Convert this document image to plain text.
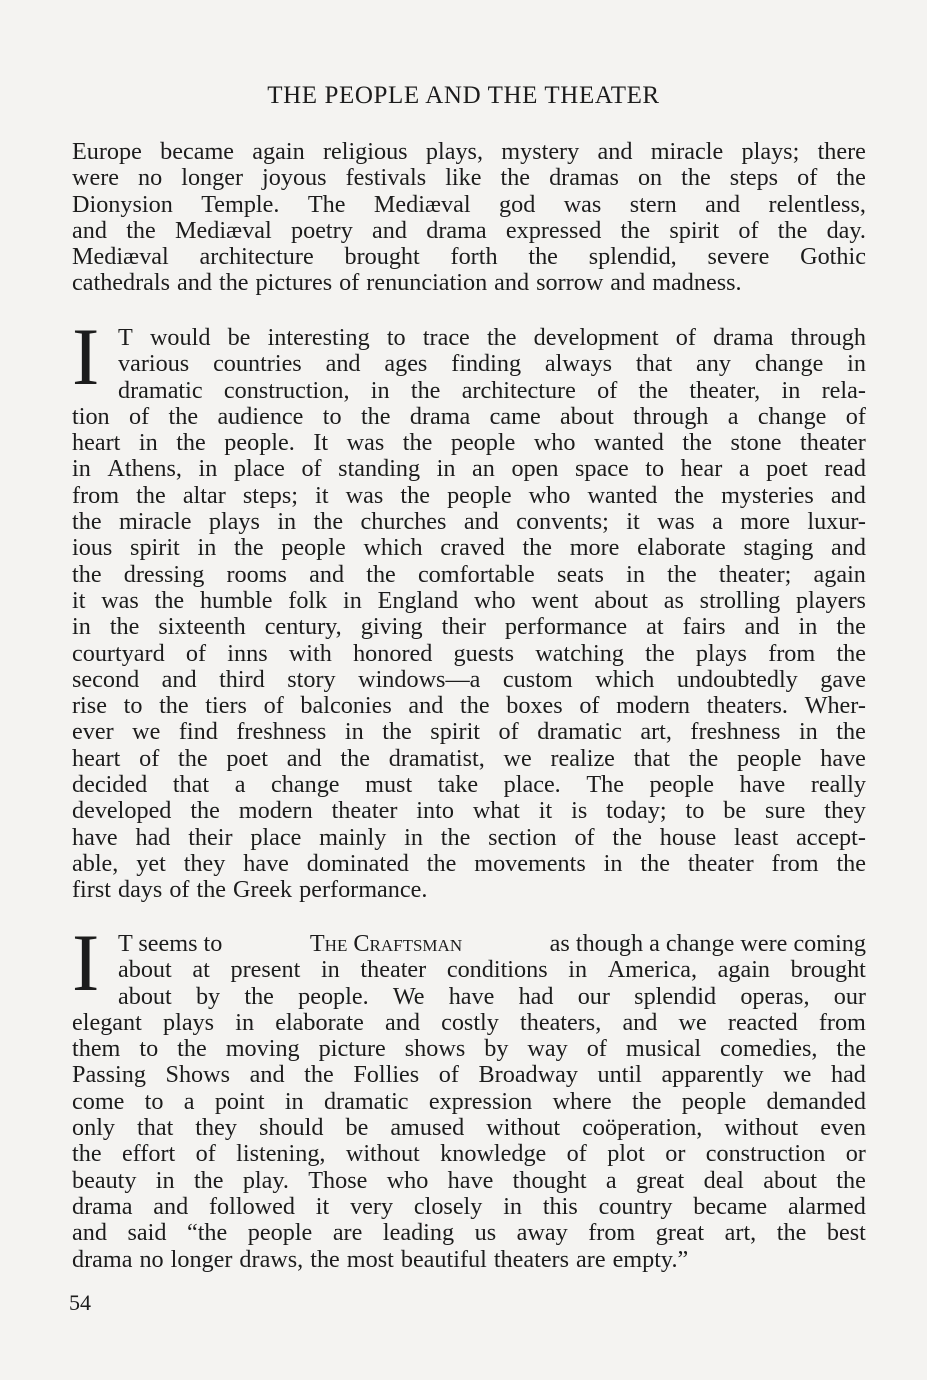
THE PEOPLE AND THE THEATER
Europe became again religious plays, mystery and miracle plays; there
were no longer joyous festivals like the dramas on the steps of the
Dionysion Temple. The Mediæval god was stern and relentless,
and the Mediæval poetry and drama expressed the spirit of the day.
Mediæval architecture brought forth the splendid, severe Gothic
cathedrals and the pictures of renunciation and sorrow and madness.
I T would be interesting to trace the development of drama through
various countries and ages finding always that any change in
dramatic construction, in the architecture of the theater, in rela-
tion of the audience to the drama came about through a change of
heart in the people. It was the people who wanted the stone theater
in Athens, in place of standing in an open space to hear a poet read
from the altar steps; it was the people who wanted the mysteries and
the miracle plays in the churches and convents; it was a more luxur-
ious spirit in the people which craved the more elaborate staging and
the dressing rooms and the comfortable seats in the theater; again
it was the humble folk in England who went about as strolling players
in the sixteenth century, giving their performance at fairs and in the
courtyard of inns with honored guests watching the plays from the
second and third story windows—a custom which undoubtedly gave
rise to the tiers of balconies and the boxes of modern theaters. Wher-
ever we find freshness in the spirit of dramatic art, freshness in the
heart of the poet and the dramatist, we realize that the people have
decided that a change must take place. The people have really
developed the modern theater into what it is today; to be sure they
have had their place mainly in the section of the house least accept-
able, yet they have dominated the movements in the theater from the
first days of the Greek performance.
I T seems to	The Craftsman	as though a change were coming
about at present in theater conditions in America, again brought
about by the people. We have had our splendid operas, our
elegant plays in elaborate and costly theaters, and we reacted from
them to the moving picture shows by way of musical comedies, the
Passing Shows and the Follies of Broadway until apparently we had
come to a point in dramatic expression where the people demanded
only that they should be amused without coöperation, without even
the effort of listening, without knowledge of plot or construction or
beauty in the play. Those who have thought a great deal about the
drama and followed it very closely in this country became alarmed
and said “the people are leading us away from great art, the best
drama no longer draws, the most beautiful theaters are empty.”
54
